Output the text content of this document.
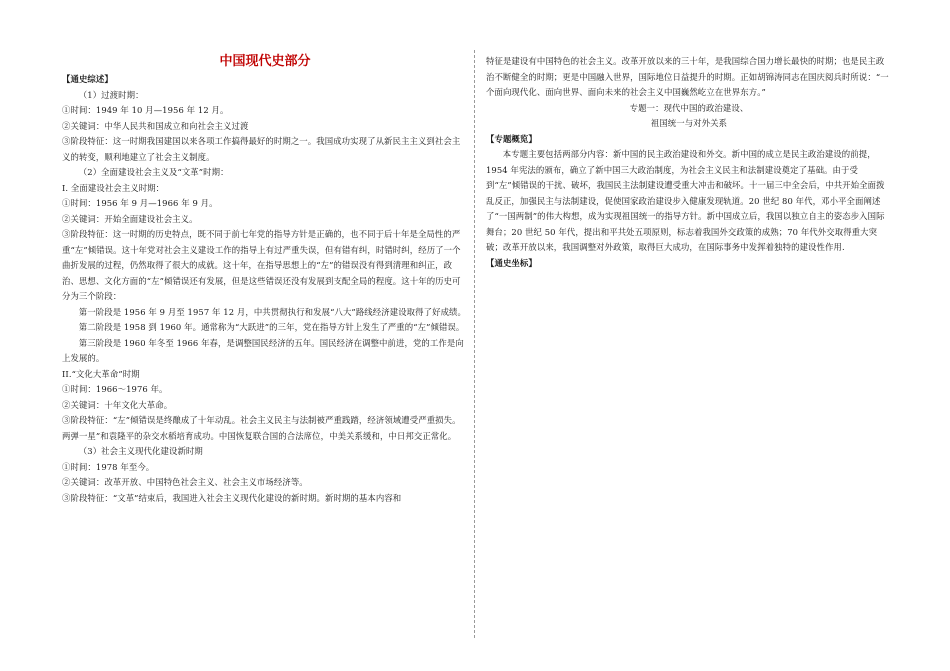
中国现代史部分

【通史综述】

（1）过渡时期：

①时间：1949 年 10 月—1956 年 12 月。

②关键词：中华人民共和国成立和向社会主义过渡

③阶段特征：这一时期我国建国以来各项工作搞得最好的时期之一。我国成功实现了从新民主主义到社会主义的转变，顺利地建立了社会主义制度。

（2）全面建设社会主义及“文革”时期：

I. 全面建设社会主义时期：

①时间：1956 年 9 月—1966 年 9 月。

②关键词：开始全面建设社会主义。

③阶段特征：这一时期的历史特点，既不同于前七年党的指导方针是正确的，也不同于后十年是全局性的严重“左”倾错误。这十年党对社会主义建设工作的指导上有过严重失误，但有错有纠，时错时纠，经历了一个曲折发展的过程，仍然取得了很大的成就。这十年，在指导思想上的“左”的错误没有得到清理和纠正，政治、思想、文化方面的“左”倾错误还有发展，但是这些错误还没有发展到支配全局的程度。这十年的历史可分为三个阶段：

第一阶段是 1956 年 9 月至 1957 年 12 月，中共贯彻执行和发展“八大”路线经济建设取得了好成绩。

第二阶段是 1958 到 1960 年。通常称为“大跃进”的三年，党在指导方针上发生了严重的“左”倾错误。

第三阶段是 1960 年冬至 1966 年春，是调整国民经济的五年。国民经济在调整中前进，党的工作是向上发展的。

II.“文化大革命”时期

①时间：1966～1976 年。

②关键词：十年文化大革命。

③阶段特征：“左”倾错误是终酿成了十年动乱。社会主义民主与法制被严重践踏，经济领域遭受严重损失。两弹一星”和袁隆平的杂交水稻培育成功。中国恢复联合国的合法席位，中美关系缓和，中日邦交正常化。

（3）社会主义现代化建设新时期

①时间：1978 年至今。

②关键词：改革开放、中国特色社会主义、社会主义市场经济等。

③阶段特征：“文革”结束后，我国进入社会主义现代化建设的新时期。新时期的基本内容和

特征是建设有中国特色的社会主义。改革开放以来的三十年，是我国综合国力增长最快的时期；也是民主政治不断健全的时期；更是中国融入世界，国际地位日益提升的时期。正如胡锦涛同志在国庆阅兵时所说：“一个面向现代化、面向世界、面向未来的社会主义中国巍然屹立在世界东方。”

专题一：现代中国的政治建设、

祖国统一与对外关系

【专题概览】

本专题主要包括两部分内容：新中国的民主政治建设和外交。新中国的成立是民主政治建设的前提，1954 年宪法的颁布，确立了新中国三大政治制度，为社会主义民主和法制建设奠定了基础。由于受到“左”倾错误的干扰、破坏，我国民主法制建设遭受重大冲击和破坏。十一届三中全会后，中共开始全面拨乱反正，加强民主与法制建设，促使国家政治建设步入健康发现轨道。20 世纪 80 年代，邓小平全面阐述了“一国两制”的伟大构想，成为实现祖国统一的指导方针。新中国成立后，我国以独立自主的姿态步入国际舞台；20 世纪 50 年代，提出和平共处五项原则，标志着我国外交政策的成熟；70 年代外交取得重大突破；改革开放以来，我国调整对外政策，取得巨大成功，在国际事务中发挥着独特的建设性作用.

【通史坐标】
